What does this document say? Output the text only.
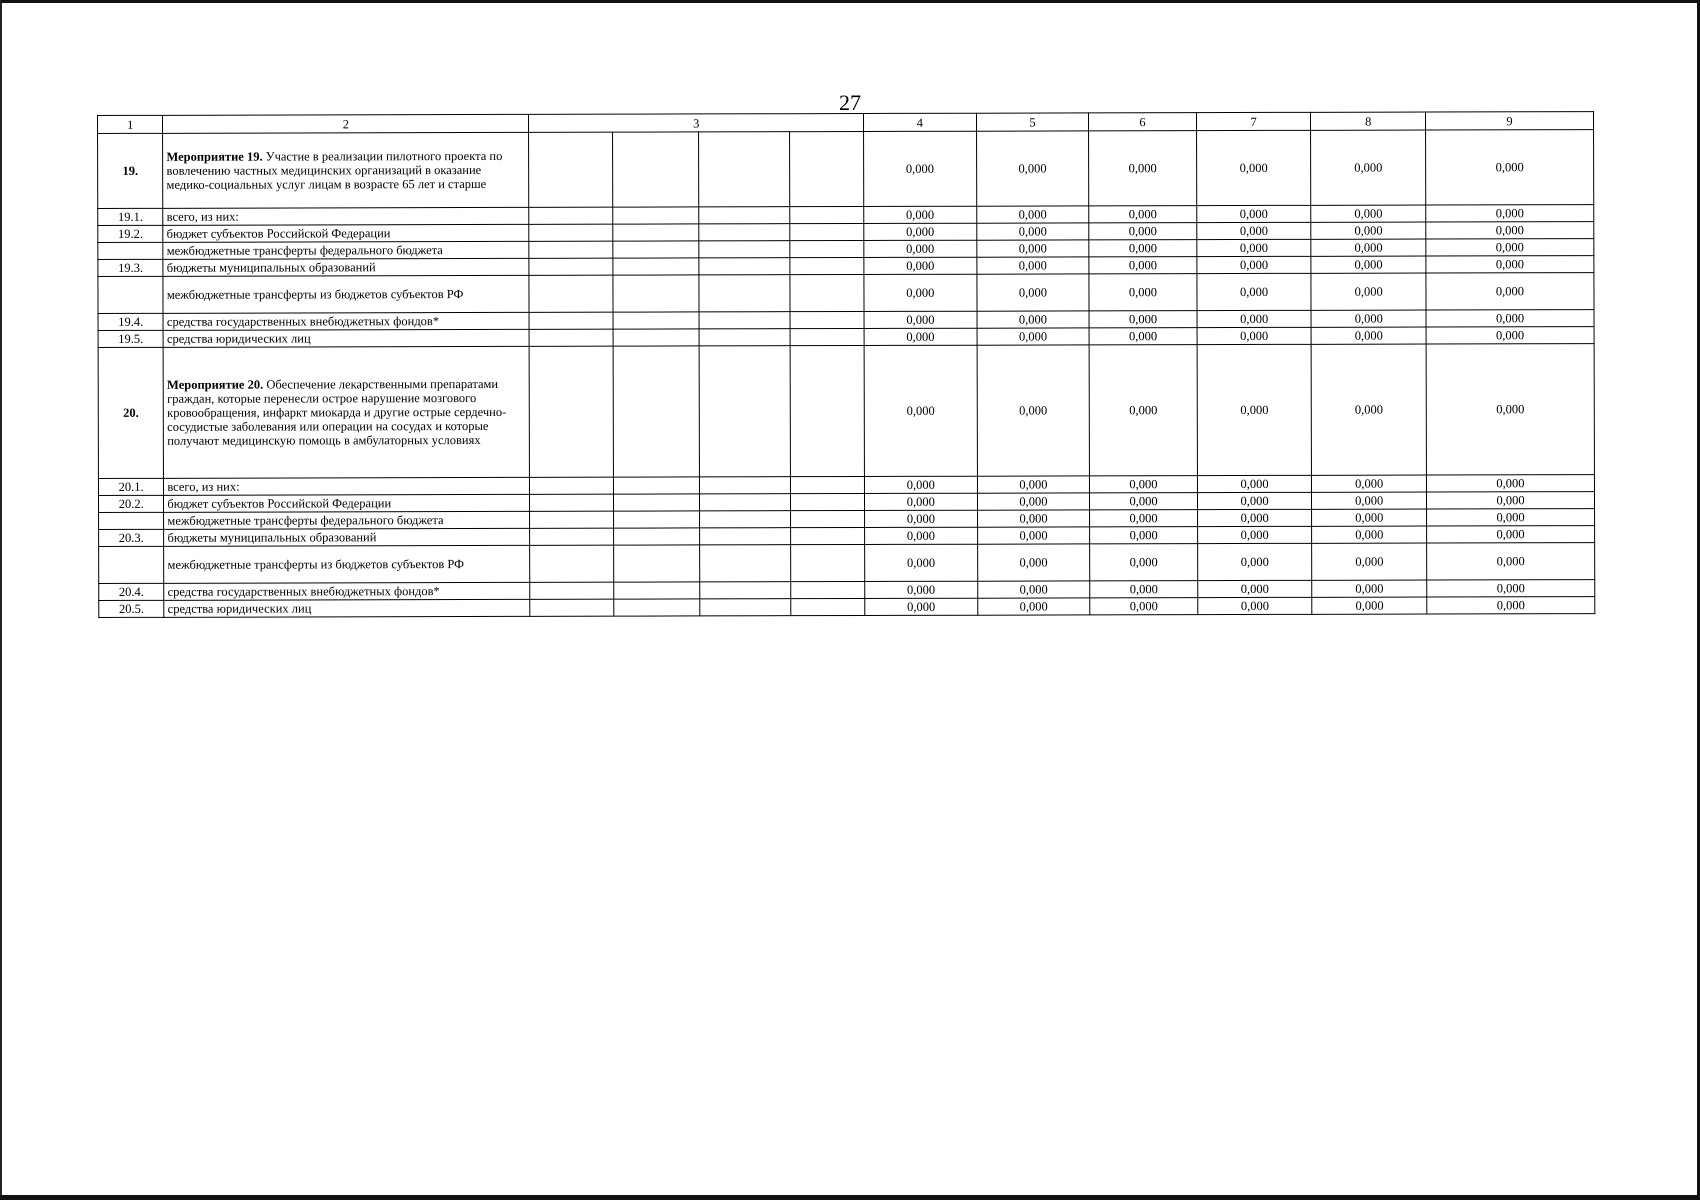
27
1	2	3				4	5	6	7	8	9
19.	Мероприятие 19. Участие в реализации пилотного проекта по вовлечению частных медицинских организаций в оказание медико-социальных услуг лицам в возрасте 65 лет и старше					0,000	0,000	0,000	0,000	0,000	0,000
19.1.	всего, из них:					0,000	0,000	0,000	0,000	0,000	0,000
19.2.	бюджет субъектов Российской Федерации					0,000	0,000	0,000	0,000	0,000	0,000
	межбюджетные трансферты федерального бюджета					0,000	0,000	0,000	0,000	0,000	0,000
19.3.	бюджеты муниципальных образований					0,000	0,000	0,000	0,000	0,000	0,000
	межбюджетные трансферты из бюджетов субъектов РФ					0,000	0,000	0,000	0,000	0,000	0,000
19.4.	средства государственных внебюджетных фондов*					0,000	0,000	0,000	0,000	0,000	0,000
19.5.	средства юридических лиц					0,000	0,000	0,000	0,000	0,000	0,000
20.	Мероприятие 20. Обеспечение лекарственными препаратами граждан, которые перенесли острое нарушение мозгового кровообращения, инфаркт миокарда и другие острые сердечно-сосудистые заболевания или операции на сосудах и которые получают медицинскую помощь в амбулаторных условиях					0,000	0,000	0,000	0,000	0,000	0,000
20.1.	всего, из них:					0,000	0,000	0,000	0,000	0,000	0,000
20.2.	бюджет субъектов Российской Федерации					0,000	0,000	0,000	0,000	0,000	0,000
	межбюджетные трансферты федерального бюджета					0,000	0,000	0,000	0,000	0,000	0,000
20.3.	бюджеты муниципальных образований					0,000	0,000	0,000	0,000	0,000	0,000
	межбюджетные трансферты из бюджетов субъектов РФ					0,000	0,000	0,000	0,000	0,000	0,000
20.4.	средства государственных внебюджетных фондов*					0,000	0,000	0,000	0,000	0,000	0,000
20.5.	средства юридических лиц					0,000	0,000	0,000	0,000	0,000	0,000
